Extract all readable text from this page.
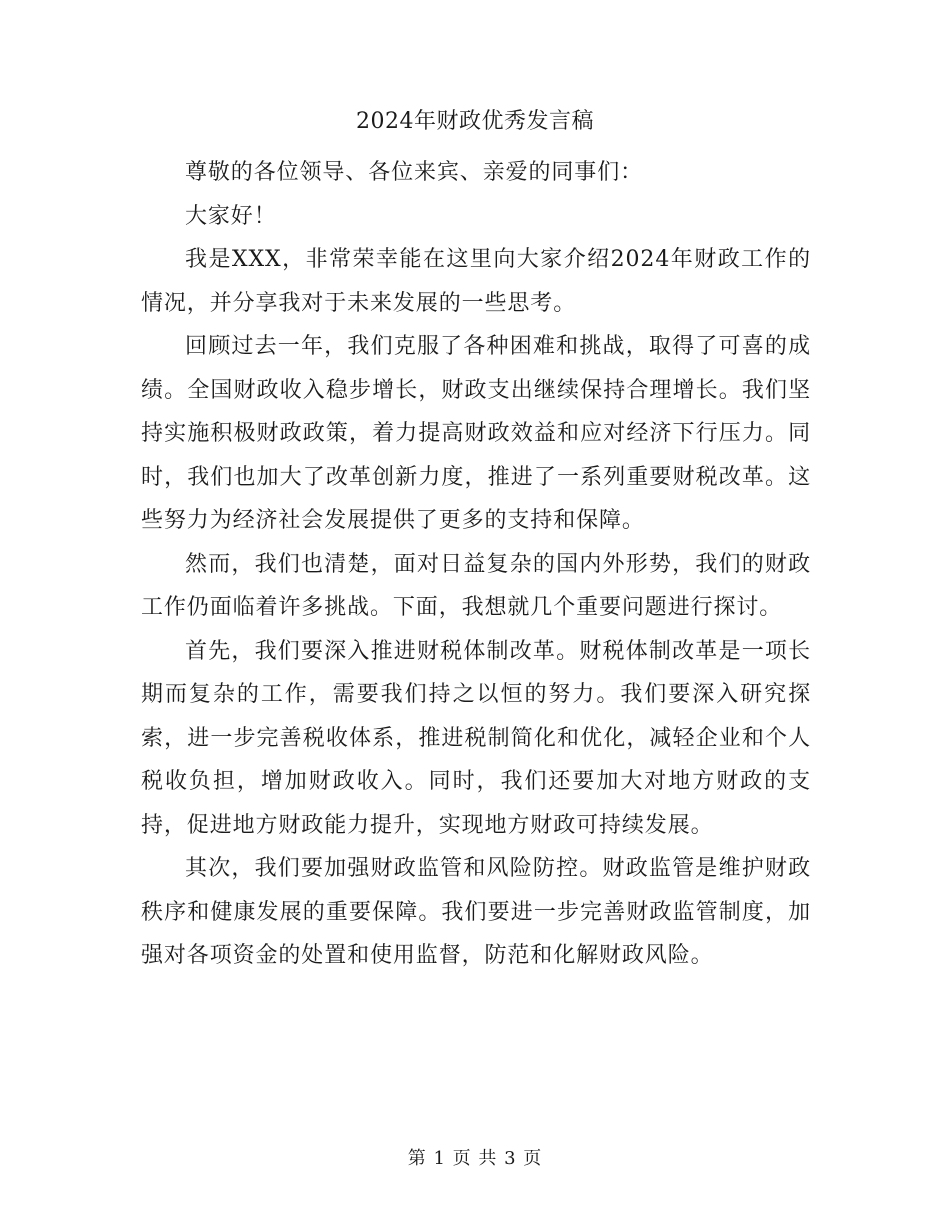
2024年财政优秀发言稿

尊敬的各位领导、各位来宾、亲爱的同事们：

大家好！

我是XXX，非常荣幸能在这里向大家介绍2024年财政工作的情况，并分享我对于未来发展的一些思考。

回顾过去一年，我们克服了各种困难和挑战，取得了可喜的成绩。全国财政收入稳步增长，财政支出继续保持合理增长。我们坚持实施积极财政政策，着力提高财政效益和应对经济下行压力。同时，我们也加大了改革创新力度，推进了一系列重要财税改革。这些努力为经济社会发展提供了更多的支持和保障。

然而，我们也清楚，面对日益复杂的国内外形势，我们的财政工作仍面临着许多挑战。下面，我想就几个重要问题进行探讨。

首先，我们要深入推进财税体制改革。财税体制改革是一项长期而复杂的工作，需要我们持之以恒的努力。我们要深入研究探索，进一步完善税收体系，推进税制简化和优化，减轻企业和个人税收负担，增加财政收入。同时，我们还要加大对地方财政的支持，促进地方财政能力提升，实现地方财政可持续发展。

其次，我们要加强财政监管和风险防控。财政监管是维护财政秩序和健康发展的重要保障。我们要进一步完善财政监管制度，加强对各项资金的处置和使用监督，防范和化解财政风险。

第 1 页 共 3 页
